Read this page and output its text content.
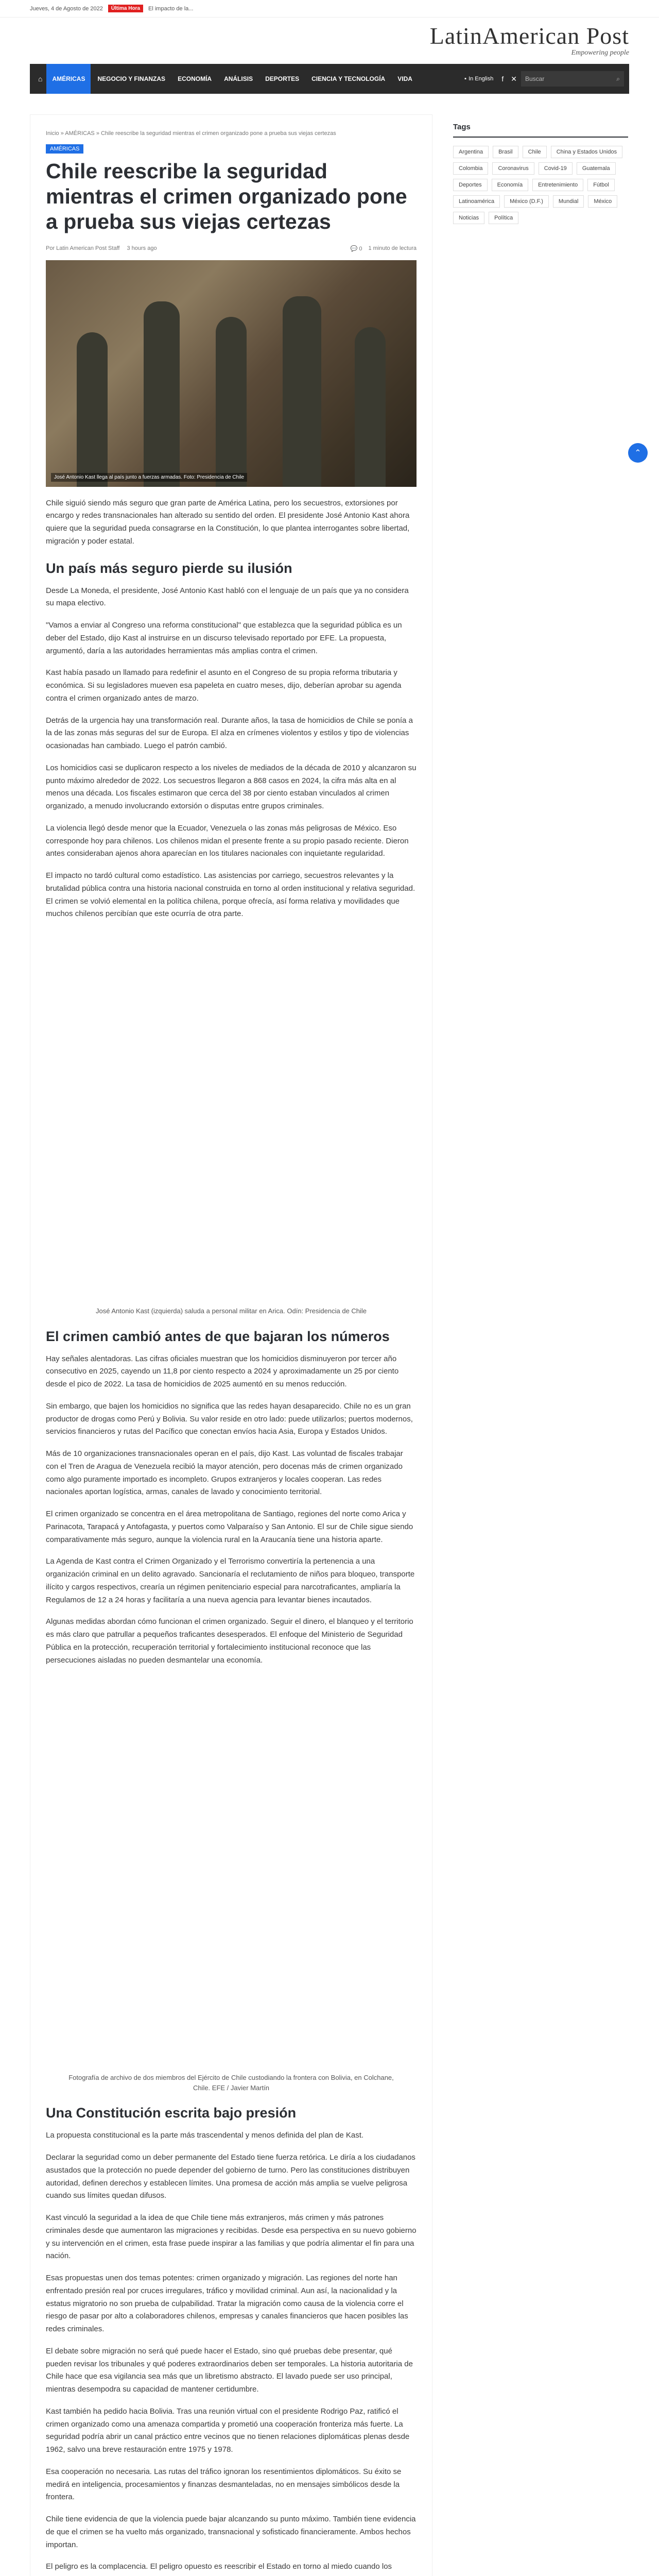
Jueves, 4 de Agosto de 2022	Última Hora	El impacto de la...
LatinAmerican Post
Empowering people
⌂	AMÉRICAS	NEGOCIO Y FINANZAS	ECONOMÍA	ANÁLISIS	DEPORTES	CIENCIA Y TECNOLOGÍA	VIDA	▪ In English	f	✕	Buscar	⌕
Inicio » AMÉRICAS » Chile reescribe la seguridad mientras el crimen organizado pone a prueba sus viejas certezas
AMÉRICAS
Chile reescribe la seguridad mientras el crimen organizado pone a prueba sus viejas certezas
Por Latin American Post Staff 3 hours ago	💬 0 1 minuto de lectura
José Antonio Kast llega al país junto a fuerzas armadas. Foto: Presidencia de Chile

Chile siguió siendo más seguro que gran parte de América Latina, pero los secuestros, extorsiones por encargo y redes transnacionales han alterado su sentido del orden. El presidente José Antonio Kast ahora quiere que la seguridad pueda consagrarse en la Constitución, lo que plantea interrogantes sobre libertad, migración y poder estatal.

Un país más seguro pierde su ilusión

Desde La Moneda, el presidente, José Antonio Kast habló con el lenguaje de un país que ya no considera su mapa electivo.

"Vamos a enviar al Congreso una reforma constitucional" que establezca que la seguridad pública es un deber del Estado, dijo Kast al instruirse en un discurso televisado reportado por EFE. La propuesta, argumentó, daría a las autoridades herramientas más amplias contra el crimen.

Kast había pasado un llamado para redefinir el asunto en el Congreso de su propia reforma tributaria y económica. Si su legisladores mueven esa papeleta en cuatro meses, dijo, deberían aprobar su agenda contra el crimen organizado antes de marzo.

Detrás de la urgencia hay una transformación real. Durante años, la tasa de homicidios de Chile se ponía a la de las zonas más seguras del sur de Europa. El alza en crímenes violentos y estilos y tipo de violencias ocasionadas han cambiado. Luego el patrón cambió.

Los homicidios casi se duplicaron respecto a los niveles de mediados de la década de 2010 y alcanzaron su punto máximo alrededor de 2022. Los secuestros llegaron a 868 casos en 2024, la cifra más alta en al menos una década. Los fiscales estimaron que cerca del 38 por ciento estaban vinculados al crimen organizado, a menudo involucrando extorsión o disputas entre grupos criminales.

La violencia llegó desde menor que la Ecuador, Venezuela o las zonas más peligrosas de México. Eso corresponde hoy para chilenos. Los chilenos midan el presente frente a su propio pasado reciente. Dieron antes consideraban ajenos ahora aparecían en los titulares nacionales con inquietante regularidad.

El impacto no tardó cultural como estadístico. Las asistencias por carriego, secuestros relevantes y la brutalidad pública contra una historia nacional construida en torno al orden institucional y relativa seguridad. El crimen se volvió elemental en la política chilena, porque ofrecía, así forma relativa y movilidades que muchos chilenos percibían que este ocurría de otra parte.

José Antonio Kast (izquierda) saluda a personal militar en Arica. Odín: Presidencia de Chile
El crimen cambió antes de que bajaran los números

Hay señales alentadoras. Las cifras oficiales muestran que los homicidios disminuyeron por tercer año consecutivo en 2025, cayendo un 11,8 por ciento respecto a 2024 y aproximadamente un 25 por ciento desde el pico de 2022. La tasa de homicidios de 2025 aumentó en su menos reducción.

Sin embargo, que bajen los homicidios no significa que las redes hayan desaparecido. Chile no es un gran productor de drogas como Perú y Bolivia. Su valor reside en otro lado: puede utilizarlos; puertos modernos, servicios financieros y rutas del Pacífico que conectan envíos hacia Asia, Europa y Estados Unidos.

Más de 10 organizaciones transnacionales operan en el país, dijo Kast. Las voluntad de fiscales trabajar con el Tren de Aragua de Venezuela recibió la mayor atención, pero docenas más de crimen organizado como algo puramente importado es incompleto. Grupos extranjeros y locales cooperan. Las redes nacionales aportan logística, armas, canales de lavado y conocimiento territorial.

El crimen organizado se concentra en el área metropolitana de Santiago, regiones del norte como Arica y Parinacota, Tarapacá y Antofagasta, y puertos como Valparaíso y San Antonio. El sur de Chile sigue siendo comparativamente más seguro, aunque la violencia rural en la Araucanía tiene una historia aparte.

La Agenda de Kast contra el Crimen Organizado y el Terrorismo convertiría la pertenencia a una organización criminal en un delito agravado. Sancionaría el reclutamiento de niños para bloqueo, transporte ilícito y cargos respectivos, crearía un régimen penitenciario especial para narcotraficantes, ampliaría la Regulamos de 12 a 24 horas y facilitaría a una nueva agencia para levantar bienes incautados.

Algunas medidas abordan cómo funcionan el crimen organizado. Seguir el dinero, el blanqueo y el territorio es más claro que patrullar a pequeños traficantes desesperados. El enfoque del Ministerio de Seguridad Pública en la protección, recuperación territorial y fortalecimiento institucional reconoce que las persecuciones aisladas no pueden desmantelar una economía.

Fotografía de archivo de dos miembros del Ejército de Chile custodiando la frontera con Bolivia, en Colchane, Chile. EFE / Javier Martín
Una Constitución escrita bajo presión

La propuesta constitucional es la parte más trascendental y menos definida del plan de Kast.

Declarar la seguridad como un deber permanente del Estado tiene fuerza retórica. Le diría a los ciudadanos asustados que la protección no puede depender del gobierno de turno. Pero las constituciones distribuyen autoridad, definen derechos y establecen límites. Una promesa de acción más amplia se vuelve peligrosa cuando sus límites quedan difusos.

Kast vinculó la seguridad a la idea de que Chile tiene más extranjeros, más crimen y más patrones criminales desde que aumentaron las migraciones y recibidas. Desde esa perspectiva en su nuevo gobierno y su intervención en el crimen, esta frase puede inspirar a las familias y que podría alimentar el fin para una nación.

Esas propuestas unen dos temas potentes: crimen organizado y migración. Las regiones del norte han enfrentado presión real por cruces irregulares, tráfico y movilidad criminal. Aun así, la nacionalidad y la estatus migratorio no son prueba de culpabilidad. Tratar la migración como causa de la violencia corre el riesgo de pasar por alto a colaboradores chilenos, empresas y canales financieros que hacen posibles las redes criminales.

El debate sobre migración no será qué puede hacer el Estado, sino qué pruebas debe presentar, qué pueden revisar los tribunales y qué poderes extraordinarios deben ser temporales. La historia autoritaria de Chile hace que esa vigilancia sea más que un libretismo abstracto. El lavado puede ser uso principal, mientras desempodra su capacidad de mantener certidumbre.

Kast también ha pedido hacia Bolivia. Tras una reunión virtual con el presidente Rodrigo Paz, ratificó el crimen organizado como una amenaza compartida y prometió una cooperación fronteriza más fuerte. La seguridad podría abrir un canal práctico entre vecinos que no tienen relaciones diplomáticas plenas desde 1962, salvo una breve restauración entre 1975 y 1978.

Esa cooperación no necesaria. Las rutas del tráfico ignoran los resentimientos diplomáticos. Su éxito se medirá en inteligencia, procesamientos y finanzas desmanteladas, no en mensajes simbólicos desde la frontera.

Chile tiene evidencia de que la violencia puede bajar alcanzando su punto máximo. También tiene evidencia de que el crimen se ha vuelto más organizado, transnacional y sofisticado financieramente. Ambos hechos importan.

El peligro es la complacencia. El peligro opuesto es reescribir el Estado en torno al miedo cuando los

Tags
Argentina	Brasil	Chile	China y Estados Unidos
Colombia	Coronavirus	Covid-19	Guatemala
Deportes	Economía	Entretenimiento	Fútbol
Latinoamérica	México (D.F.)	Mundial	México
Noticias	Política
⌃
